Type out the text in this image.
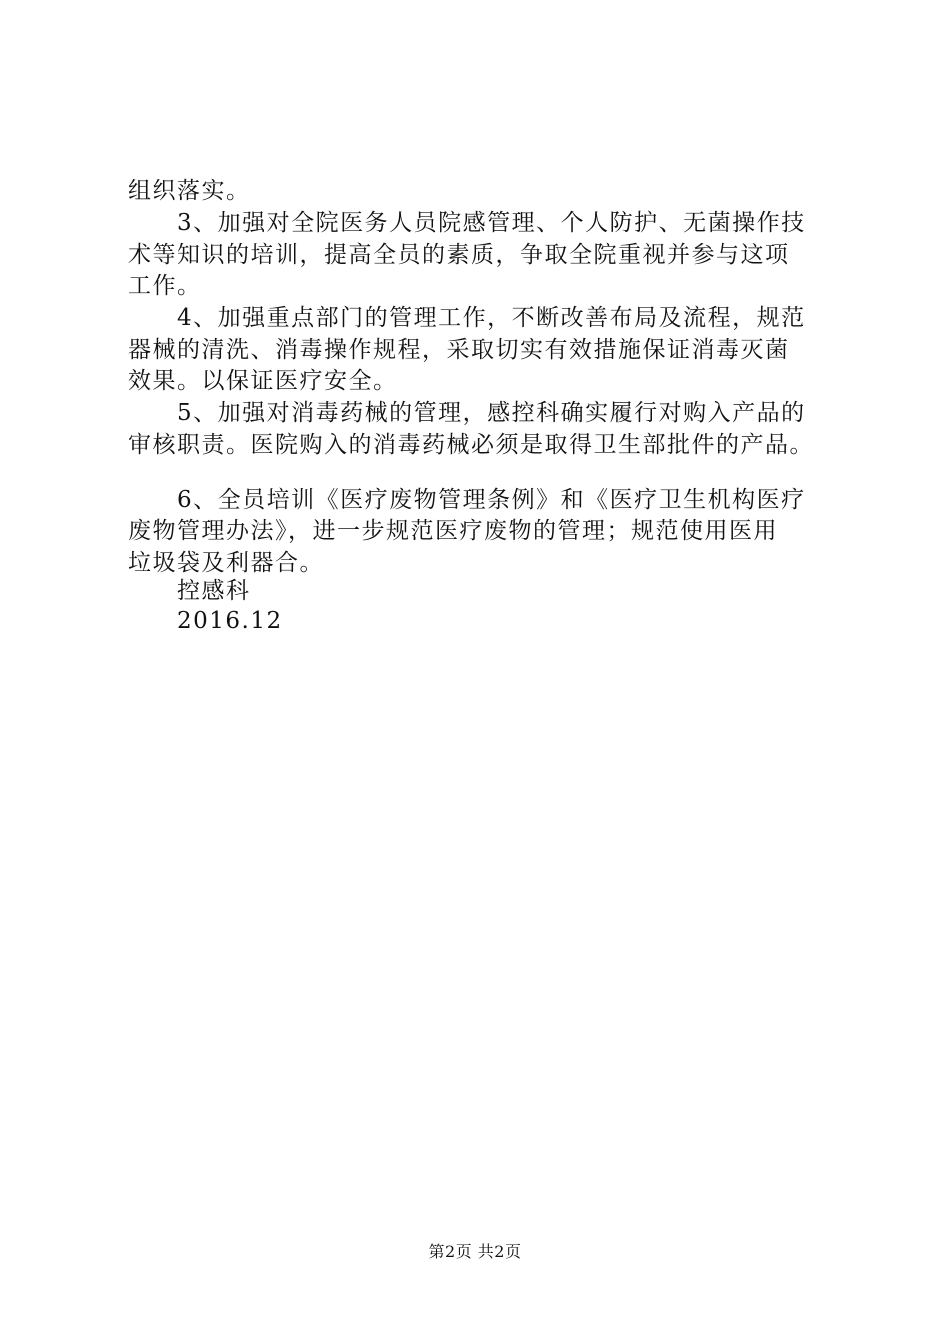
组织落实。
3、加强对全院医务人员院感管理、个人防护、无菌操作技
术等知识的培训，提高全员的素质，争取全院重视并参与这项
工作。
4、加强重点部门的管理工作，不断改善布局及流程，规范
器械的清洗、消毒操作规程，采取切实有效措施保证消毒灭菌
效果。以保证医疗安全。
5、加强对消毒药械的管理，感控科确实履行对购入产品的
审核职责。医院购入的消毒药械必须是取得卫生部批件的产品。
6、全员培训《医疗废物管理条例》和《医疗卫生机构医疗
废物管理办法》，进一步规范医疗废物的管理；规范使用医用
垃圾袋及利器合。
控感科
2016.12
第2页 共2页
